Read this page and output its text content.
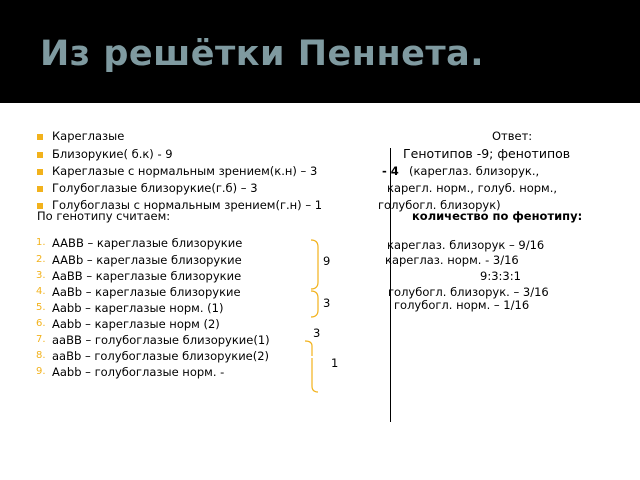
Из решётки Пеннета.
Кареглазые
Близорукие( б.к) - 9
Кареглазые с нормальным зрением(к.н) – 3
Голубоглазые близорукие(г.б) – 3
Голубоглазы с нормальным зрением(г.н) – 1
По генотипу считаем:
1. AABB – кареглазые близорукие
2. AABb – кареглазые близорукие
3. AaBB – кареглазые близорукие
4. AaBb – кареглазые близорукие
5. Aabb – кареглазые норм. (1)
6. Aabb – кареглазые норм (2)
7. aaBB – голубоглазые близорукие(1)
8. aaBb – голубоглазые близорукие(2)
9. Aabb – голубоглазые норм. -
9
3
3
1
Ответ:
Генотипов -9; фенотипов
- 4 (кареглаз. близорук.,
карегл. норм., голуб. норм.,
голубогл. близорук)
количество по фенотипу:
кареглаз. близорук – 9/16
кареглаз. норм. - 3/16
9:3:3:1
голубогл. близорук. – 3/16
голубогл. норм. – 1/16
